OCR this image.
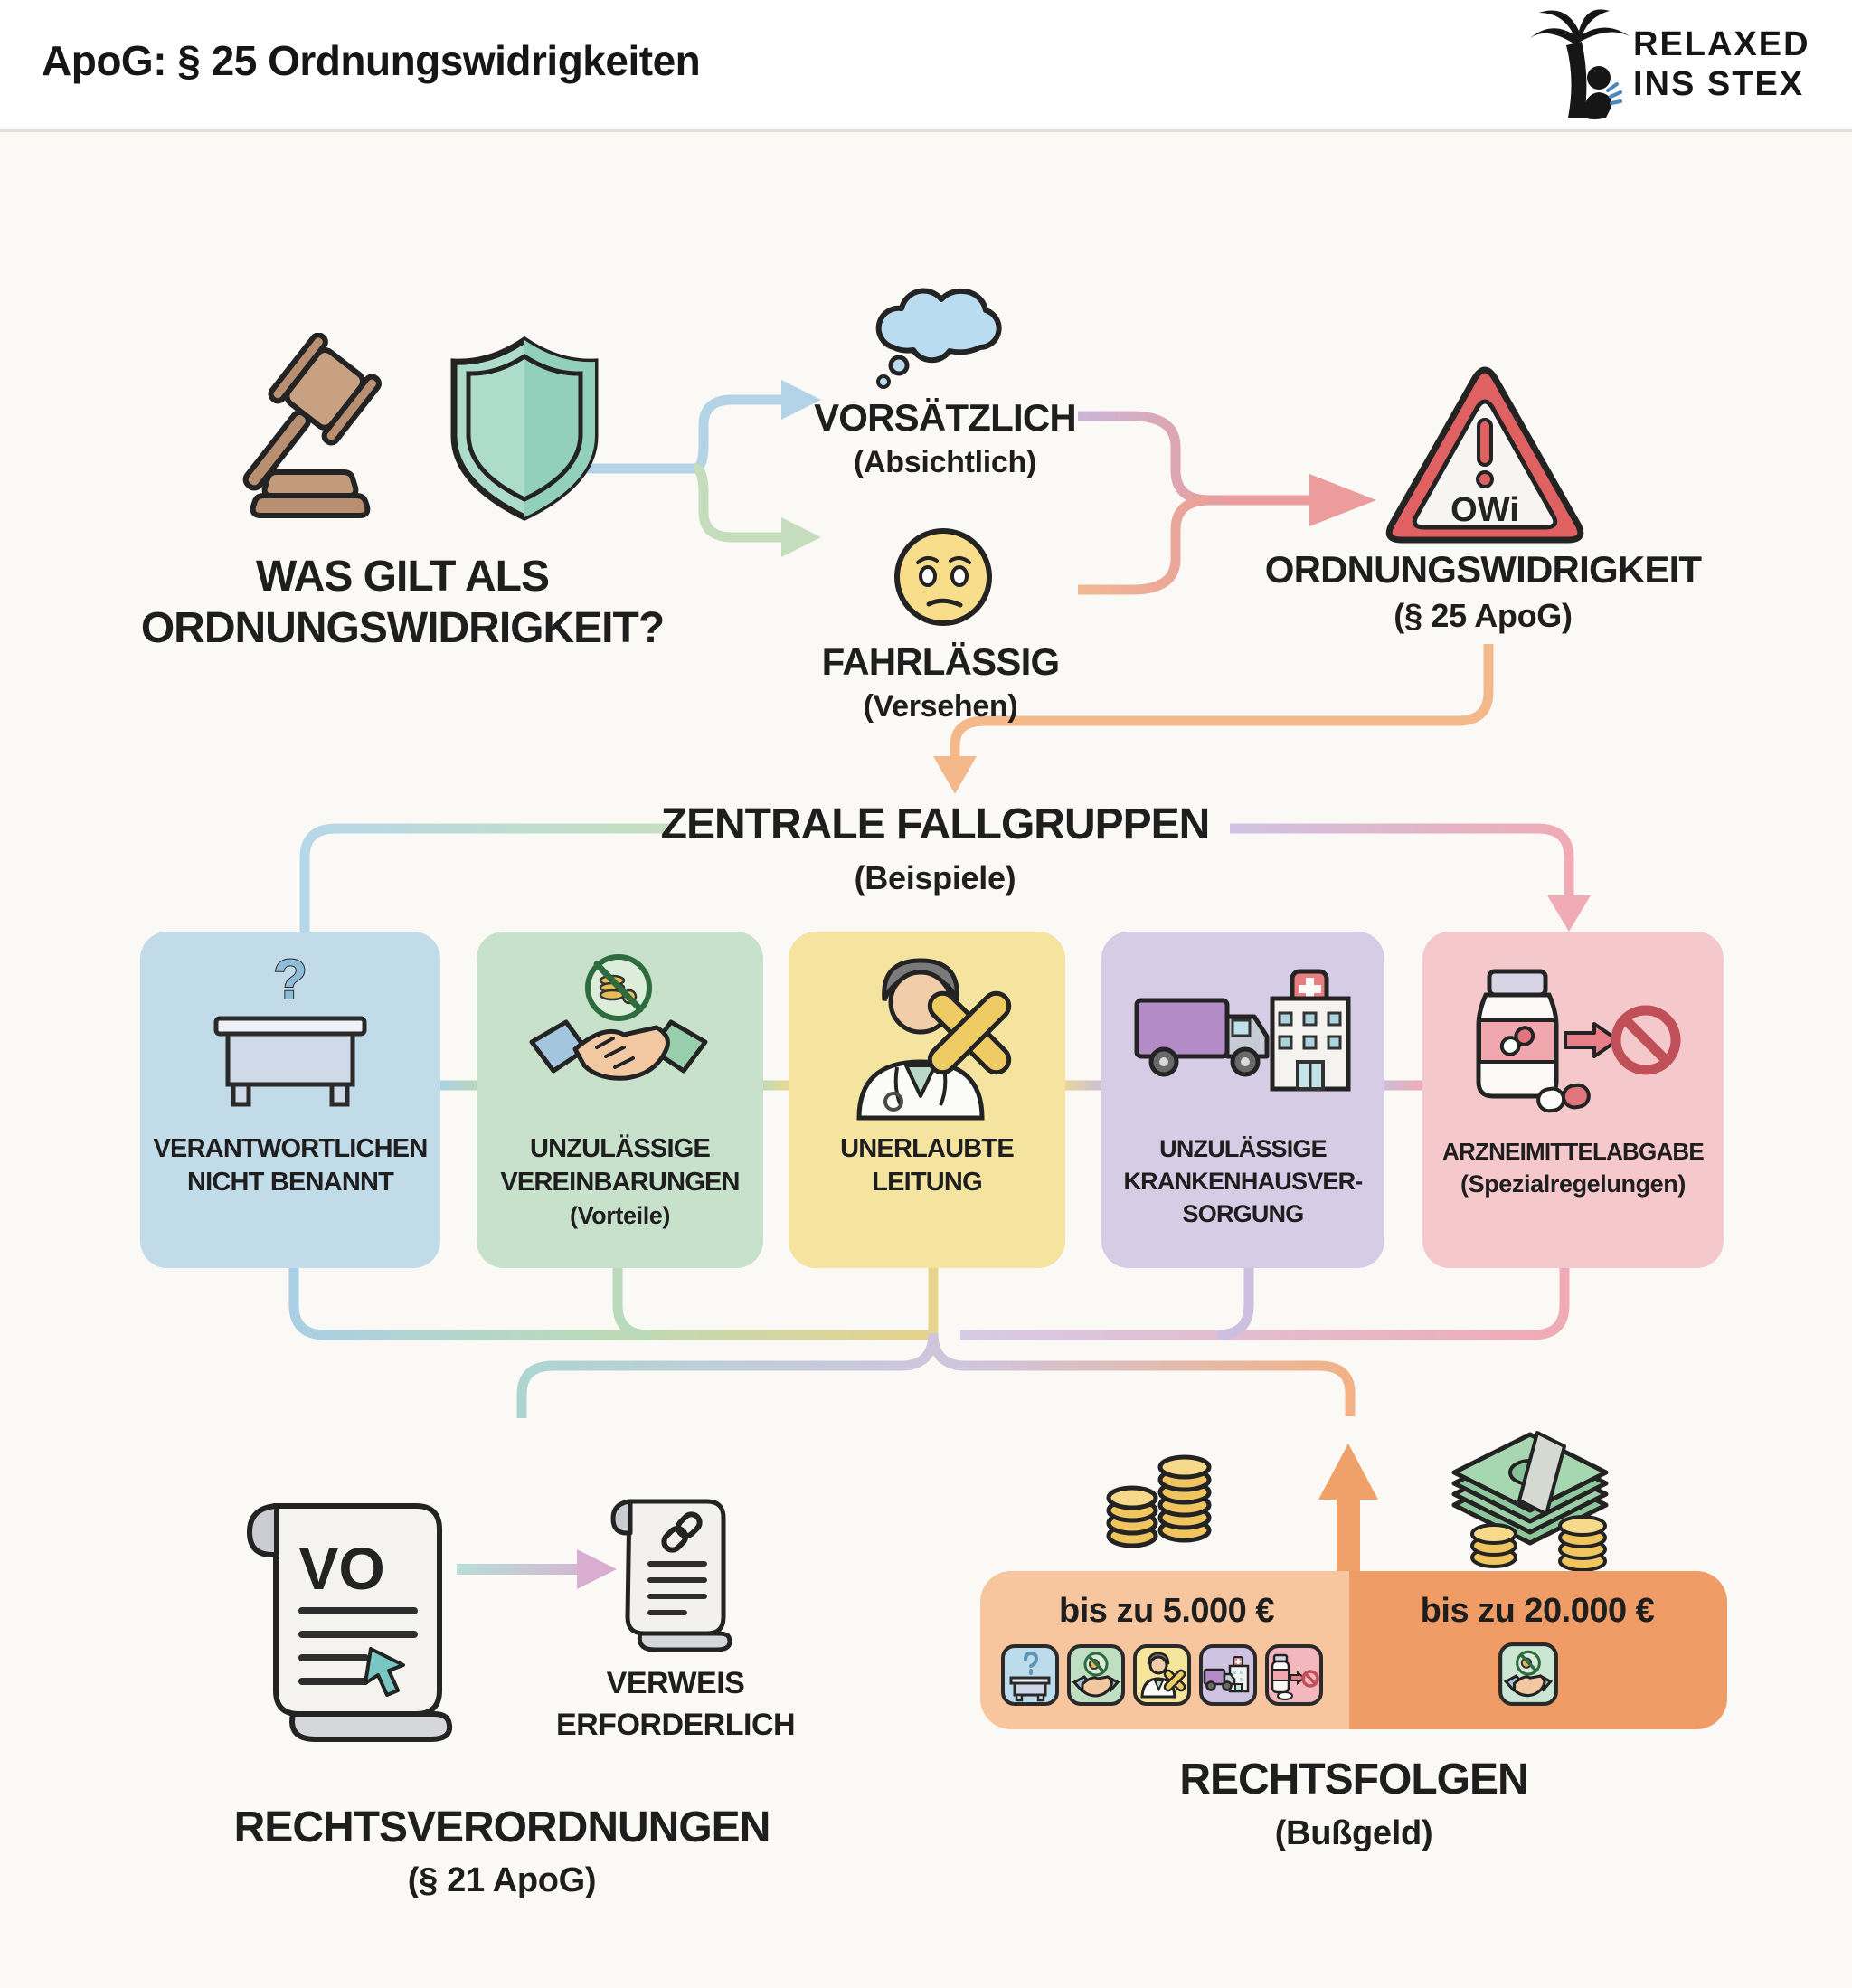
ApoG: § 25 Ordnungswidrigkeiten	RELAXED
INS STEX
WAS GILT ALS
ORDNUNGSWIDRIGKEIT?
VORSÄTZLICH
(Absichtlich)
FAHRLÄSSIG
(Versehen)
OWi
ORDNUNGSWIDRIGKEIT
(§ 25 ApoG)
ZENTRALE FALLGRUPPEN
(Beispiele)
?
VERANTWORTLICHEN
NICHT BENANNT
UNZULÄSSIGE
VEREINBARUNGEN
(Vorteile)
UNERLAUBTE
LEITUNG
UNZULÄSSIGE
KRANKENHAUSVER-
SORGUNG
ARZNEIMITTELABGABE
(Spezialregelungen)
VO
VERWEIS
ERFORDERLICH
RECHTSVERORDNUNGEN
(§ 21 ApoG)
bis zu 5.000 €	bis zu 20.000 €
RECHTSFOLGEN
(Bußgeld)
